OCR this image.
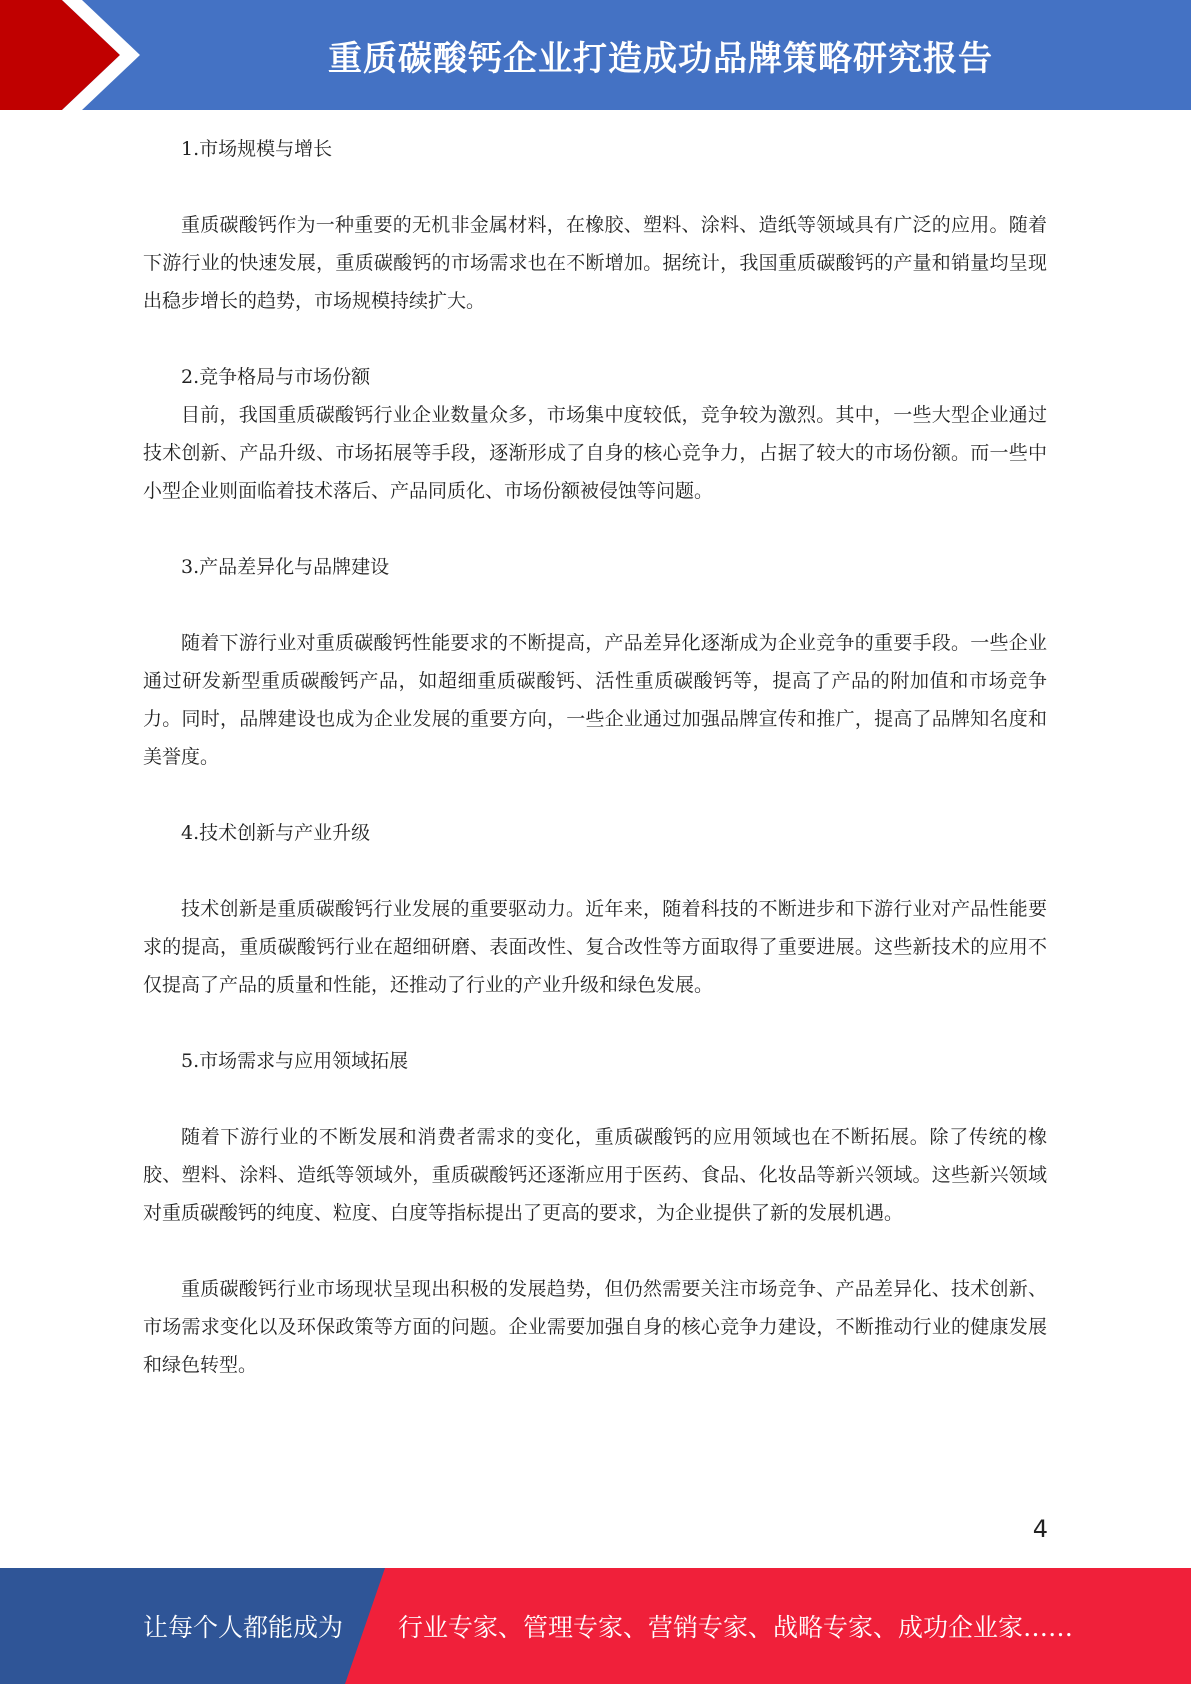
重质碳酸钙企业打造成功品牌策略研究报告

1.市场规模与增长

重质碳酸钙作为一种重要的无机非金属材料，在橡胶、塑料、涂料、造纸等领域具有广泛的应用。随着下游行业的快速发展，重质碳酸钙的市场需求也在不断增加。据统计，我国重质碳酸钙的产量和销量均呈现出稳步增长的趋势，市场规模持续扩大。

2.竞争格局与市场份额

目前，我国重质碳酸钙行业企业数量众多，市场集中度较低，竞争较为激烈。其中，一些大型企业通过技术创新、产品升级、市场拓展等手段，逐渐形成了自身的核心竞争力，占据了较大的市场份额。而一些中小型企业则面临着技术落后、产品同质化、市场份额被侵蚀等问题。

3.产品差异化与品牌建设

随着下游行业对重质碳酸钙性能要求的不断提高，产品差异化逐渐成为企业竞争的重要手段。一些企业通过研发新型重质碳酸钙产品，如超细重质碳酸钙、活性重质碳酸钙等，提高了产品的附加值和市场竞争力。同时，品牌建设也成为企业发展的重要方向，一些企业通过加强品牌宣传和推广，提高了品牌知名度和美誉度。

4.技术创新与产业升级

技术创新是重质碳酸钙行业发展的重要驱动力。近年来，随着科技的不断进步和下游行业对产品性能要求的提高，重质碳酸钙行业在超细研磨、表面改性、复合改性等方面取得了重要进展。这些新技术的应用不仅提高了产品的质量和性能，还推动了行业的产业升级和绿色发展。

5.市场需求与应用领域拓展

随着下游行业的不断发展和消费者需求的变化，重质碳酸钙的应用领域也在不断拓展。除了传统的橡胶、塑料、涂料、造纸等领域外，重质碳酸钙还逐渐应用于医药、食品、化妆品等新兴领域。这些新兴领域对重质碳酸钙的纯度、粒度、白度等指标提出了更高的要求，为企业提供了新的发展机遇。

重质碳酸钙行业市场现状呈现出积极的发展趋势，但仍然需要关注市场竞争、产品差异化、技术创新、市场需求变化以及环保政策等方面的问题。企业需要加强自身的核心竞争力建设，不断推动行业的健康发展和绿色转型。

4
让每个人都能成为 行业专家、管理专家、营销专家、战略专家、成功企业家……
